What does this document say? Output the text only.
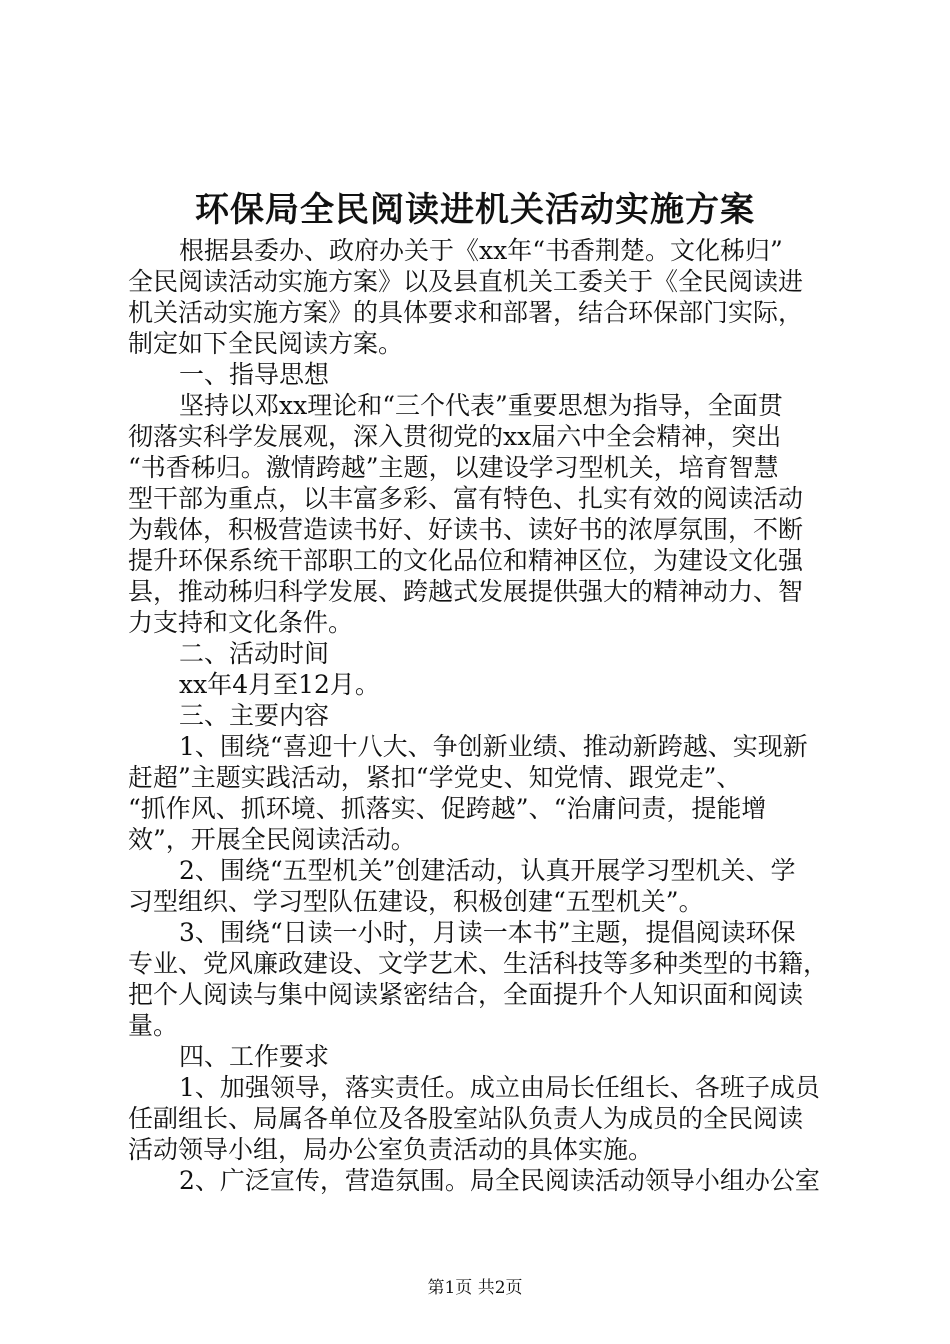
环保局全民阅读进机关活动实施方案
根据县委办、政府办关于《xx年“书香荆楚。文化秭归”
全民阅读活动实施方案》以及县直机关工委关于《全民阅读进
机关活动实施方案》的具体要求和部署，结合环保部门实际，
制定如下全民阅读方案。
一、指导思想
坚持以邓xx理论和“三个代表”重要思想为指导，全面贯
彻落实科学发展观，深入贯彻党的xx届六中全会精神，突出
“书香秭归。激情跨越”主题，以建设学习型机关，培育智慧
型干部为重点，以丰富多彩、富有特色、扎实有效的阅读活动
为载体，积极营造读书好、好读书、读好书的浓厚氛围，不断
提升环保系统干部职工的文化品位和精神区位，为建设文化强
县，推动秭归科学发展、跨越式发展提供强大的精神动力、智
力支持和文化条件。
二、活动时间
xx年4月至12月。
三、主要内容
1、围绕“喜迎十八大、争创新业绩、推动新跨越、实现新
赶超”主题实践活动，紧扣“学党史、知党情、跟党走”、
“抓作风、抓环境、抓落实、促跨越”、“治庸问责，提能增
效”，开展全民阅读活动。
2、围绕“五型机关”创建活动，认真开展学习型机关、学
习型组织、学习型队伍建设，积极创建“五型机关”。
3、围绕“日读一小时，月读一本书”主题，提倡阅读环保
专业、党风廉政建设、文学艺术、生活科技等多种类型的书籍，
把个人阅读与集中阅读紧密结合，全面提升个人知识面和阅读
量。
四、工作要求
1、加强领导，落实责任。成立由局长任组长、各班子成员
任副组长、局属各单位及各股室站队负责人为成员的全民阅读
活动领导小组，局办公室负责活动的具体实施。
2、广泛宣传，营造氛围。局全民阅读活动领导小组办公室
第1页 共2页
